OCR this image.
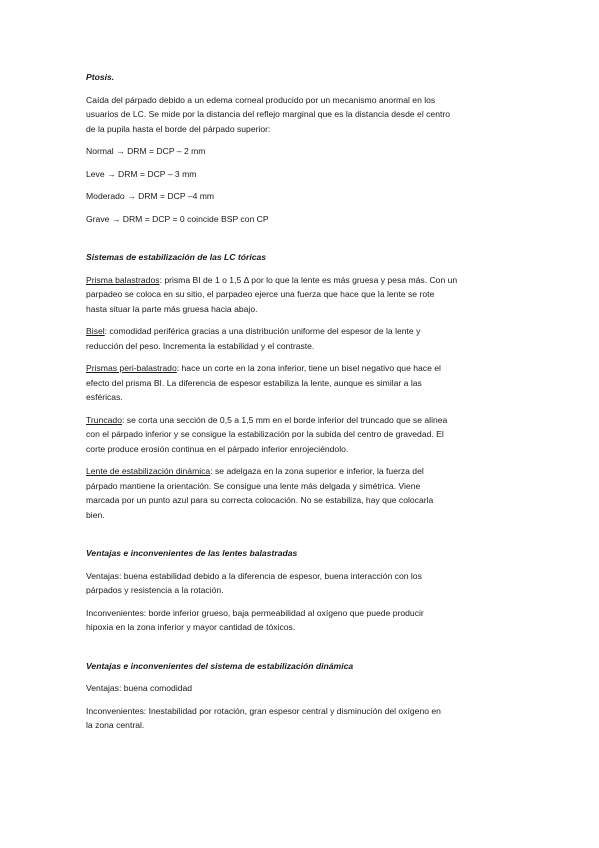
Ptosis.

Caída del párpado debido a un edema corneal producido por un mecanismo anormal en los
usuarios de LC. Se mide por la distancia del reflejo marginal que es la distancia desde el centro
de la pupila hasta el borde del párpado superior:

Normal → DRM = DCP – 2 mm

Leve → DRM = DCP – 3 mm

Moderado → DRM = DCP –4 mm

Grave → DRM = DCP = 0 coincide BSP con CP

Sistemas de estabilización de las LC tóricas

Prisma balastrados: prisma BI de 1 o 1,5 Δ por lo que la lente es más gruesa y pesa más. Con un
parpadeo se coloca en su sitio, el parpadeo ejerce una fuerza que hace que la lente se rote
hasta situar la parte más gruesa hacia abajo.

Bisel: comodidad periférica gracias a una distribución uniforme del espesor de la lente y
reducción del peso. Incrementa la estabilidad y el contraste.

Prismas peri-balastrado: hace un corte en la zona inferior, tiene un bisel negativo que hace el
efecto del prisma BI. La diferencia de espesor estabiliza la lente, aunque es similar a las
esféricas.

Truncado: se corta una sección de 0,5 a 1,5 mm en el borde inferior del truncado que se alinea
con el párpado inferior y se consigue la estabilización por la subida del centro de gravedad. El
corte produce erosión continua en el párpado inferior enrojeciéndolo.

Lente de estabilización dinámica: se adelgaza en la zona superior e inferior, la fuerza del
párpado mantiene la orientación. Se consigue una lente más delgada y simétrica. Viene
marcada por un punto azul para su correcta colocación. No se estabiliza, hay que colocarla
bien.

Ventajas e inconvenientes de las lentes balastradas

Ventajas: buena estabilidad debido a la diferencia de espesor, buena interacción con los
párpados y resistencia a la rotación.

Inconvenientes: borde inferior grueso, baja permeabilidad al oxígeno que puede producir
hipoxia en la zona inferior y mayor cantidad de tóxicos.

Ventajas e inconvenientes del sistema de estabilización dinámica

Ventajas: buena comodidad

Inconvenientes: Inestabilidad por rotación, gran espesor central y disminución del oxígeno en
la zona central.
